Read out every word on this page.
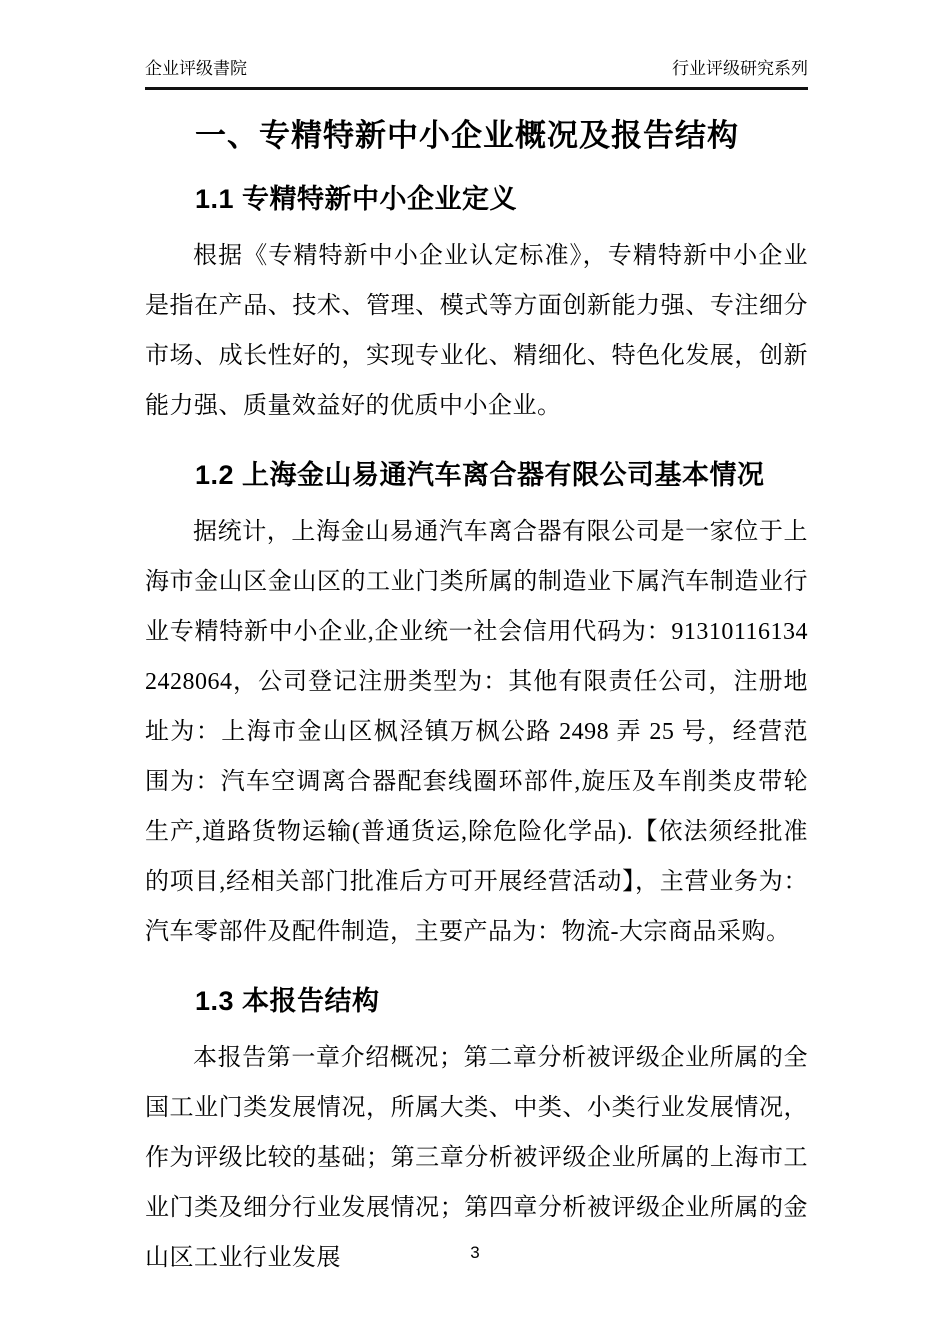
企业评级書院	行业评级研究系列
一、专精特新中小企业概况及报告结构
1.1 专精特新中小企业定义

根据《专精特新中小企业认定标准》，专精特新中小企业是指在产品、技术、管理、模式等方面创新能力强、专注细分市场、成长性好的，实现专业化、精细化、特色化发展，创新能力强、质量效益好的优质中小企业。

1.2 上海金山易通汽车离合器有限公司基本情况

据统计，上海金山易通汽车离合器有限公司是一家位于上海市金山区金山区的工业门类所属的制造业下属汽车制造业行业专精特新中小企业,企业统一社会信用代码为：913101161342428064，公司登记注册类型为：其他有限责任公司，注册地址为：上海市金山区枫泾镇万枫公路 2498 弄 25 号，经营范围为：汽车空调离合器配套线圈环部件,旋压及车削类皮带轮生产,道路货物运输(普通货运,除危险化学品).【依法须经批准的项目,经相关部门批准后方可开展经营活动】，主营业务为：汽车零部件及配件制造，主要产品为：物流-大宗商品采购。

1.3 本报告结构

本报告第一章介绍概况；第二章分析被评级企业所属的全国工业门类发展情况，所属大类、中类、小类行业发展情况，作为评级比较的基础；第三章分析被评级企业所属的上海市工业门类及细分行业发展情况；第四章分析被评级企业所属的金山区工业行业发展	3
